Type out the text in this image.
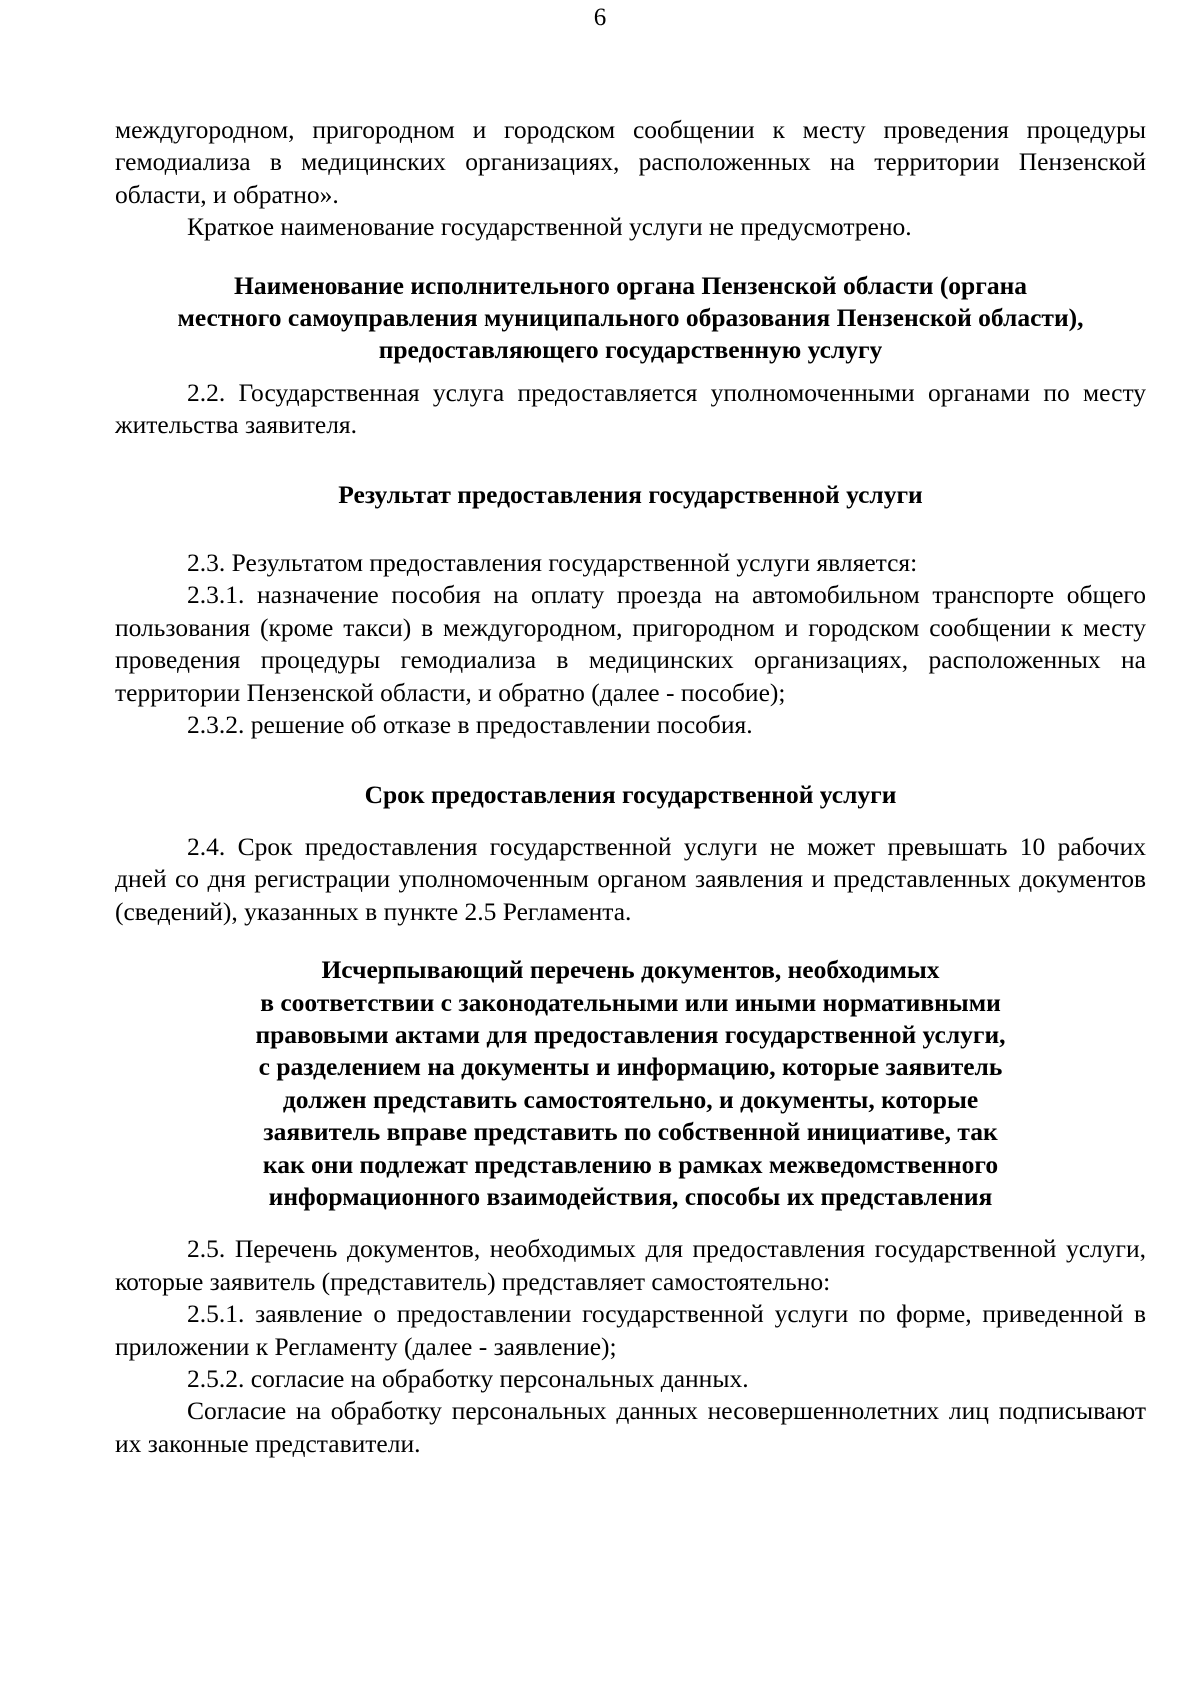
6

междугородном, пригородном и городском сообщении к месту проведения процедуры гемодиализа в медицинских организациях, расположенных на территории Пензенской области, и обратно».

Краткое наименование государственной услуги не предусмотрено.

Наименование исполнительного органа Пензенской области (органа
местного самоуправления муниципального образования Пензенской области),
предоставляющего государственную услугу

2.2. Государственная услуга предоставляется уполномоченными органами по месту жительства заявителя.

Результат предоставления государственной услуги

2.3. Результатом предоставления государственной услуги является:

2.3.1. назначение пособия на оплату проезда на автомобильном транспорте общего пользования (кроме такси) в междугородном, пригородном и городском сообщении к месту проведения процедуры гемодиализа в медицинских организациях, расположенных на территории Пензенской области, и обратно (далее - пособие);

2.3.2. решение об отказе в предоставлении пособия.

Срок предоставления государственной услуги

2.4. Срок предоставления государственной услуги не может превышать 10 рабочих дней со дня регистрации уполномоченным органом заявления и представленных документов (сведений), указанных в пункте 2.5 Регламента.

Исчерпывающий перечень документов, необходимых
в соответствии с законодательными или иными нормативными
правовыми актами для предоставления государственной услуги,
с разделением на документы и информацию, которые заявитель
должен представить самостоятельно, и документы, которые
заявитель вправе представить по собственной инициативе, так
как они подлежат представлению в рамках межведомственного
информационного взаимодействия, способы их представления

2.5. Перечень документов, необходимых для предоставления государственной услуги, которые заявитель (представитель) представляет самостоятельно:

2.5.1. заявление о предоставлении государственной услуги по форме, приведенной в приложении к Регламенту (далее - заявление);

2.5.2. согласие на обработку персональных данных.

Согласие на обработку персональных данных несовершеннолетних лиц подписывают их законные представители.
